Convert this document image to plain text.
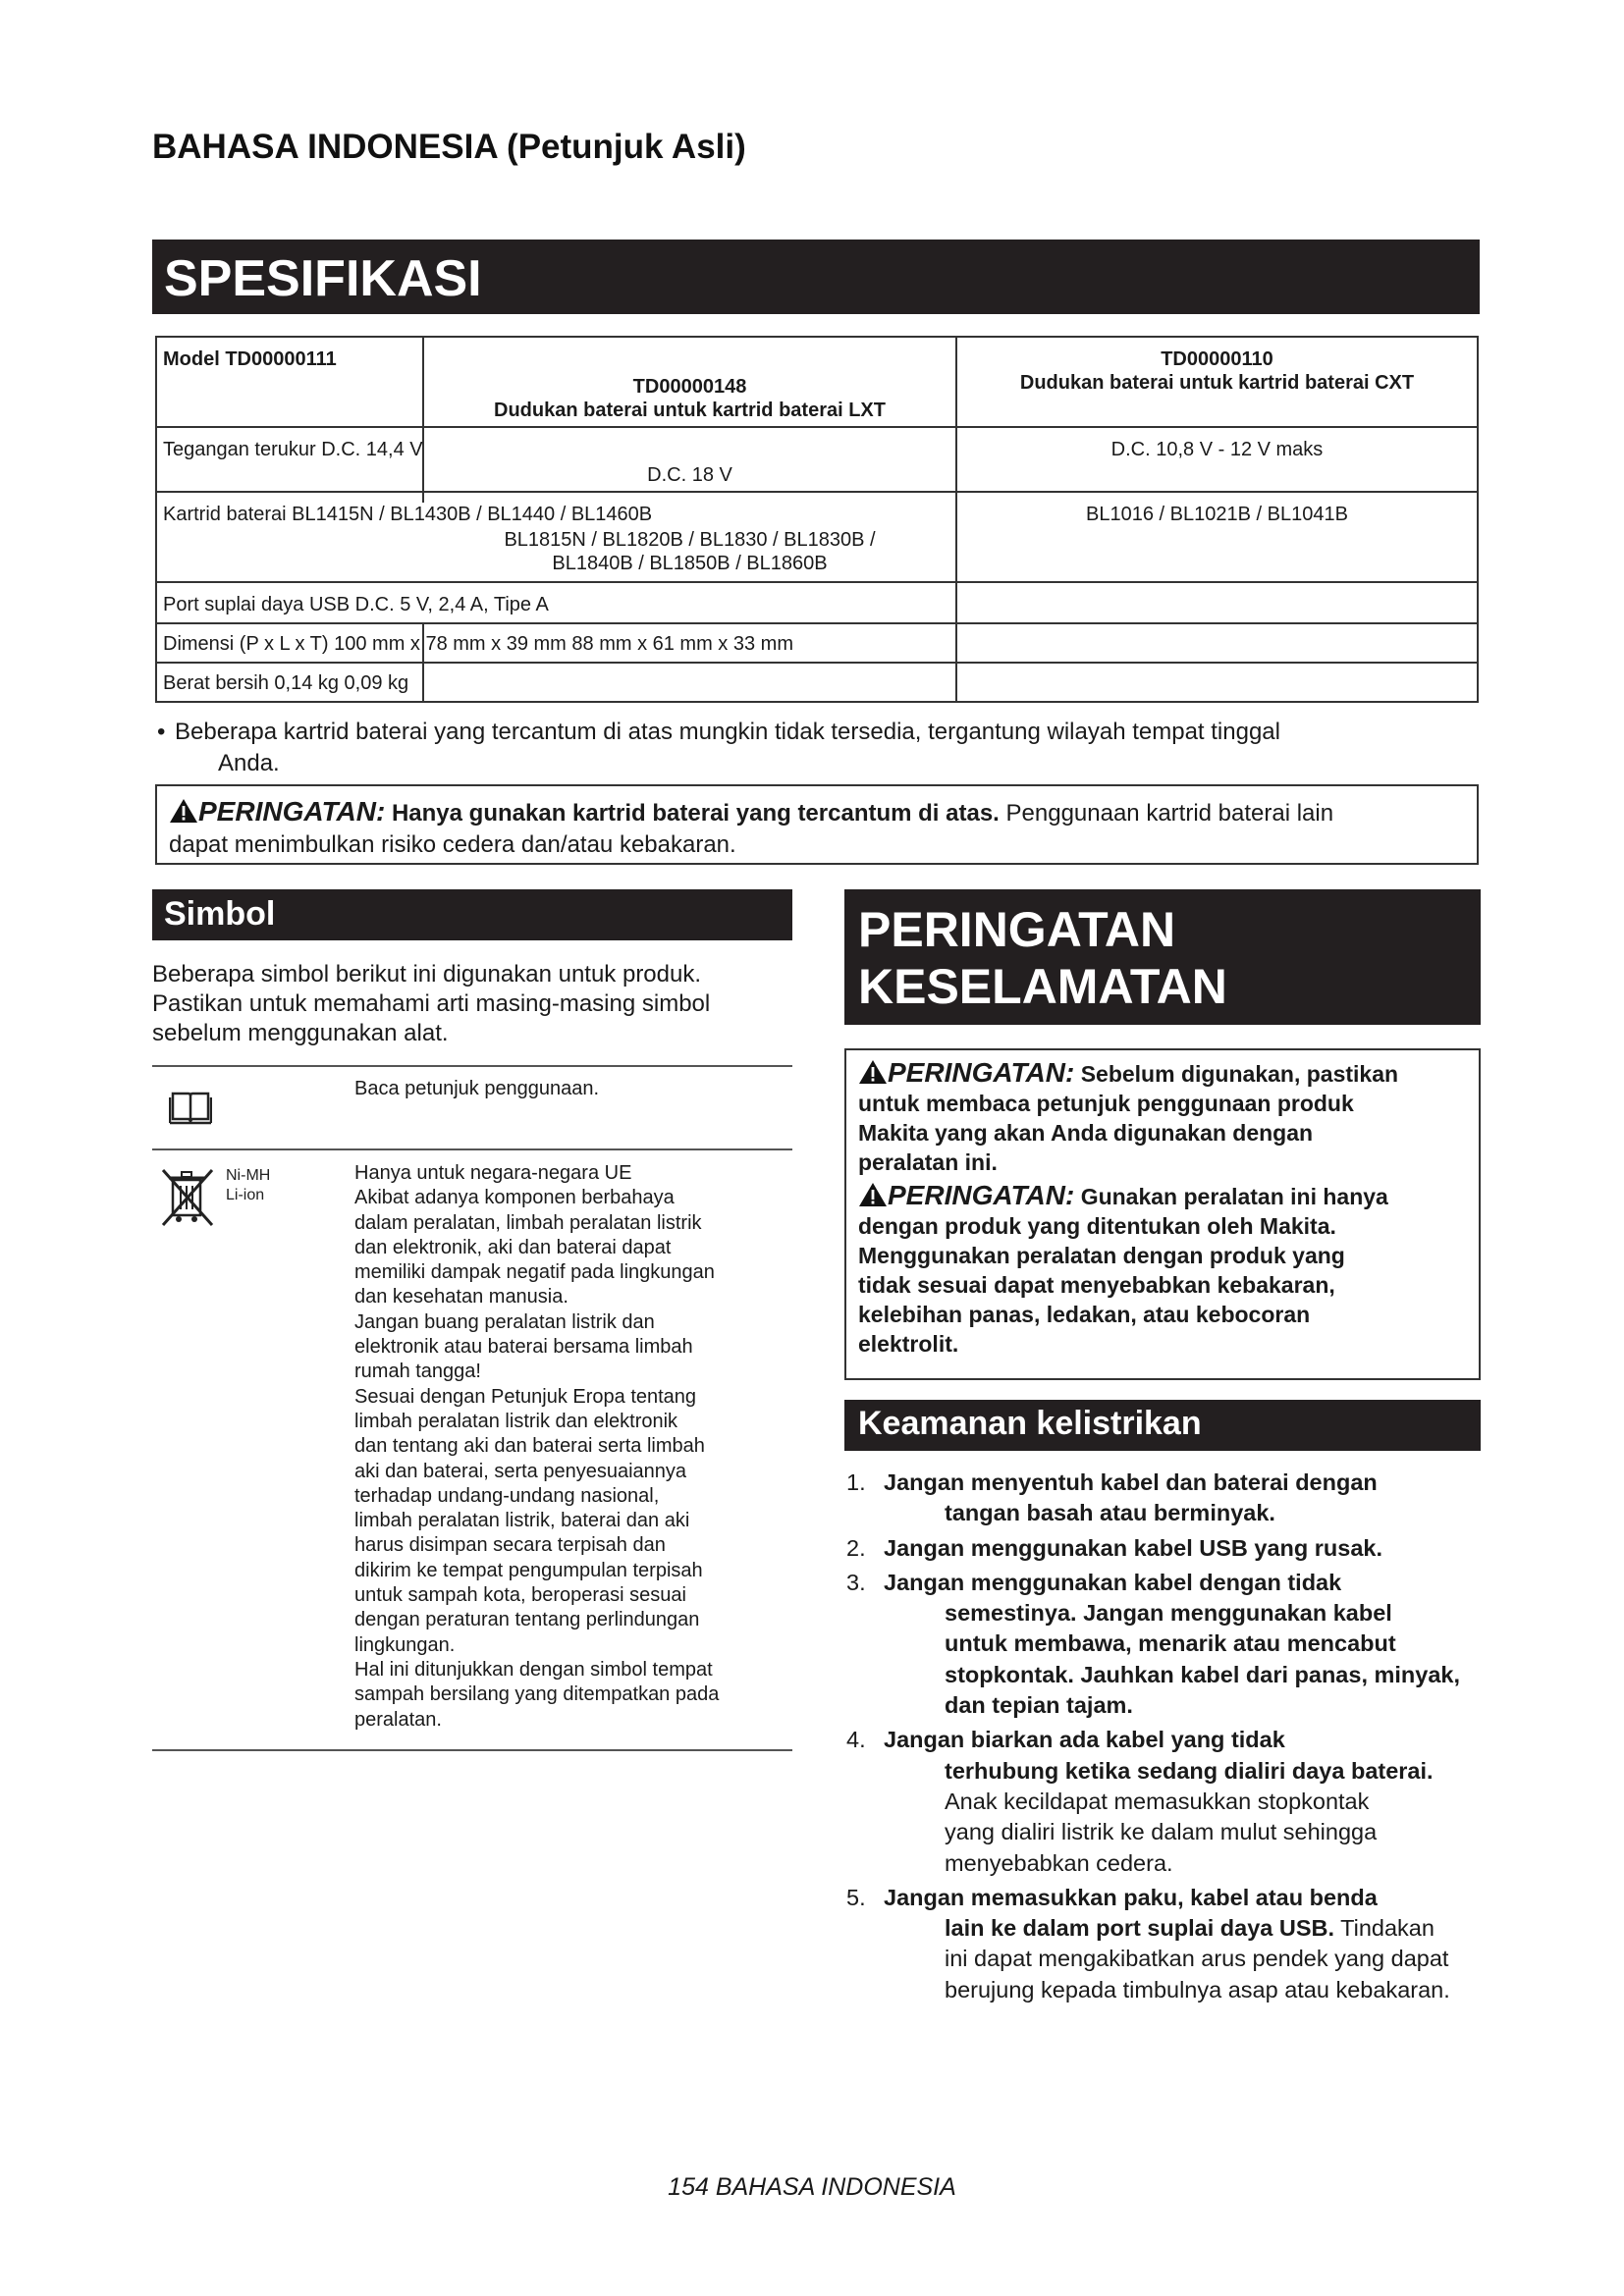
BAHASA INDONESIA (Petunjuk Asli)
SPESIFIKASI
Model TD00000111
TD00000148
Dudukan baterai untuk kartrid baterai LXT
TD00000110
Dudukan baterai untuk kartrid baterai CXT
Tegangan terukur D.C. 14,4 V
D.C. 18 V
D.C. 10,8 V - 12 V maks
Kartrid baterai BL1415N / BL1430B / BL1440 / BL1460B
BL1815N / BL1820B / BL1830 / BL1830B /
BL1840B / BL1850B / BL1860B
BL1016 / BL1021B / BL1041B
Port suplai daya USB D.C. 5 V, 2,4 A, Tipe A
Dimensi (P x L x T) 100 mm x 78 mm x 39 mm 88 mm x 61 mm x 33 mm
Berat bersih 0,14 kg 0,09 kg
• Beberapa kartrid baterai yang tercantum di atas mungkin tidak tersedia, tergantung wilayah tempat tinggal
Anda.
PERINGATAN: Hanya gunakan kartrid baterai yang tercantum di atas. Penggunaan kartrid baterai lain
dapat menimbulkan risiko cedera dan/atau kebakaran.
Simbol
Beberapa simbol berikut ini digunakan untuk produk.
Pastikan untuk memahami arti masing-masing simbol
sebelum menggunakan alat.
Baca petunjuk penggunaan.
Ni-MH
Li-ion
Hanya untuk negara-negara UE
Akibat adanya komponen berbahaya
dalam peralatan, limbah peralatan listrik
dan elektronik, aki dan baterai dapat
memiliki dampak negatif pada lingkungan
dan kesehatan manusia.
Jangan buang peralatan listrik dan
elektronik atau baterai bersama limbah
rumah tangga!
Sesuai dengan Petunjuk Eropa tentang
limbah peralatan listrik dan elektronik
dan tentang aki dan baterai serta limbah
aki dan baterai, serta penyesuaiannya
terhadap undang-undang nasional,
limbah peralatan listrik, baterai dan aki
harus disimpan secara terpisah dan
dikirim ke tempat pengumpulan terpisah
untuk sampah kota, beroperasi sesuai
dengan peraturan tentang perlindungan
lingkungan.
Hal ini ditunjukkan dengan simbol tempat
sampah bersilang yang ditempatkan pada
peralatan.
PERINGATAN
KESELAMATAN

PERINGATAN: Sebelum digunakan, pastikan

untuk membaca petunjuk penggunaan produk

Makita yang akan Anda digunakan dengan

peralatan ini.

PERINGATAN: Gunakan peralatan ini hanya

dengan produk yang ditentukan oleh Makita.

Menggunakan peralatan dengan produk yang

tidak sesuai dapat menyebabkan kebakaran,

kelebihan panas, ledakan, atau kebocoran

elektrolit.

Keamanan kelistrikan
1. Jangan menyentuh kabel dan baterai dengan
tangan basah atau berminyak.
2. Jangan menggunakan kabel USB yang rusak.
3. Jangan menggunakan kabel dengan tidak
semestinya. Jangan menggunakan kabel
untuk membawa, menarik atau mencabut
stopkontak. Jauhkan kabel dari panas, minyak,
dan tepian tajam.
4. Jangan biarkan ada kabel yang tidak
terhubung ketika sedang dialiri daya baterai.
Anak kecildapat memasukkan stopkontak
yang dialiri listrik ke dalam mulut sehingga
menyebabkan cedera.
5. Jangan memasukkan paku, kabel atau benda
lain ke dalam port suplai daya USB. Tindakan
ini dapat mengakibatkan arus pendek yang dapat
berujung kepada timbulnya asap atau kebakaran.
154 BAHASA INDONESIA
